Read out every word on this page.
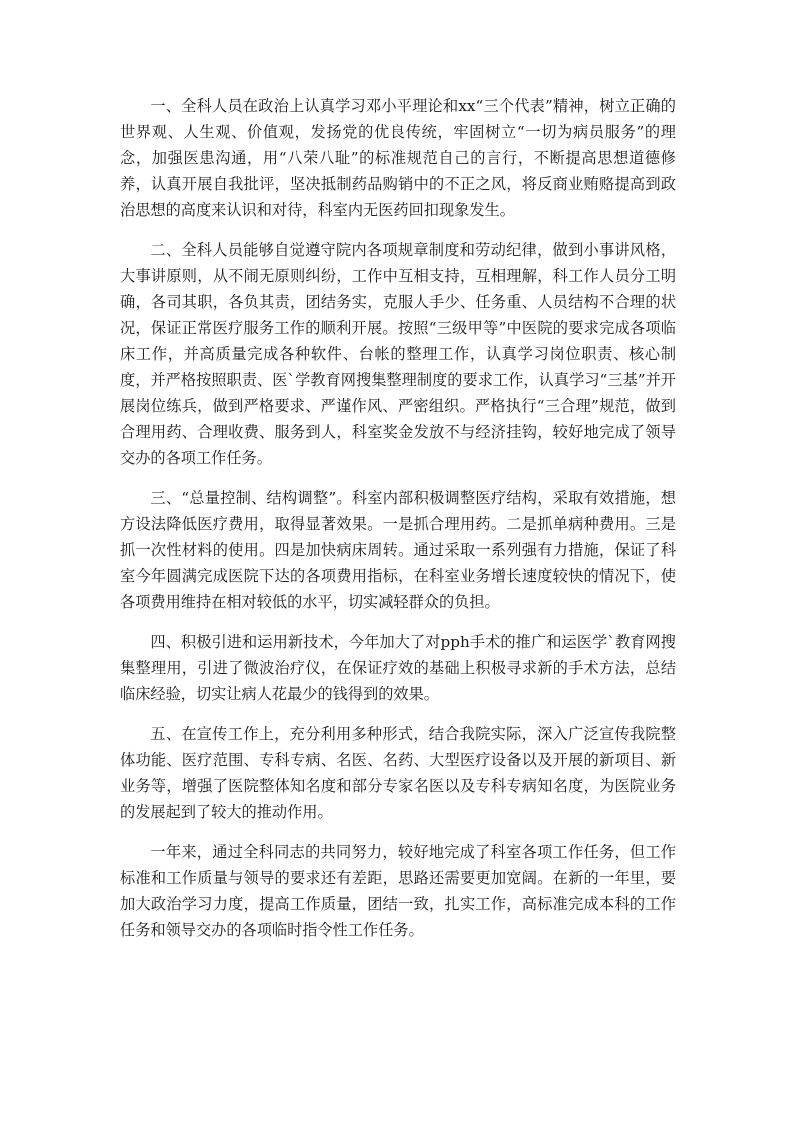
一、全科人员在政治上认真学习邓小平理论和xx“三个代表”精神，树立正确的世界观、人生观、价值观，发扬党的优良传统，牢固树立“一切为病员服务”的理念，加强医患沟通，用“八荣八耻”的标准规范自己的言行，不断提高思想道德修养，认真开展自我批评，坚决抵制药品购销中的不正之风，将反商业贿赂提高到政治思想的高度来认识和对待，科室内无医药回扣现象发生。

二、全科人员能够自觉遵守院内各项规章制度和劳动纪律，做到小事讲风格，大事讲原则，从不闹无原则纠纷，工作中互相支持，互相理解，科工作人员分工明确，各司其职，各负其责，团结务实，克服人手少、任务重、人员结构不合理的状况，保证正常医疗服务工作的顺利开展。按照“三级甲等”中医院的要求完成各项临床工作，并高质量完成各种软件、台帐的整理工作，认真学习岗位职责、核心制度，并严格按照职责、医`学教育网搜集整理制度的要求工作，认真学习“三基”并开展岗位练兵，做到严格要求、严谨作风、严密组织。严格执行“三合理”规范，做到合理用药、合理收费、服务到人，科室奖金发放不与经济挂钩，较好地完成了领导交办的各项工作任务。

三、“总量控制、结构调整”。科室内部积极调整医疗结构，采取有效措施，想方设法降低医疗费用，取得显著效果。一是抓合理用药。二是抓单病种费用。三是抓一次性材料的使用。四是加快病床周转。通过采取一系列强有力措施，保证了科室今年圆满完成医院下达的各项费用指标，在科室业务增长速度较快的情况下，使各项费用维持在相对较低的水平，切实减轻群众的负担。

四、积极引进和运用新技术，今年加大了对pph手术的推广和运医学`教育网搜集整理用，引进了微波治疗仪，在保证疗效的基础上积极寻求新的手术方法，总结临床经验，切实让病人花最少的钱得到的效果。

五、在宣传工作上，充分利用多种形式，结合我院实际，深入广泛宣传我院整体功能、医疗范围、专科专病、名医、名药、大型医疗设备以及开展的新项目、新业务等，增强了医院整体知名度和部分专家名医以及专科专病知名度，为医院业务的发展起到了较大的推动作用。

一年来，通过全科同志的共同努力，较好地完成了科室各项工作任务，但工作标准和工作质量与领导的要求还有差距，思路还需要更加宽阔。在新的一年里，要加大政治学习力度，提高工作质量，团结一致，扎实工作，高标准完成本科的工作任务和领导交办的各项临时指令性工作任务。
